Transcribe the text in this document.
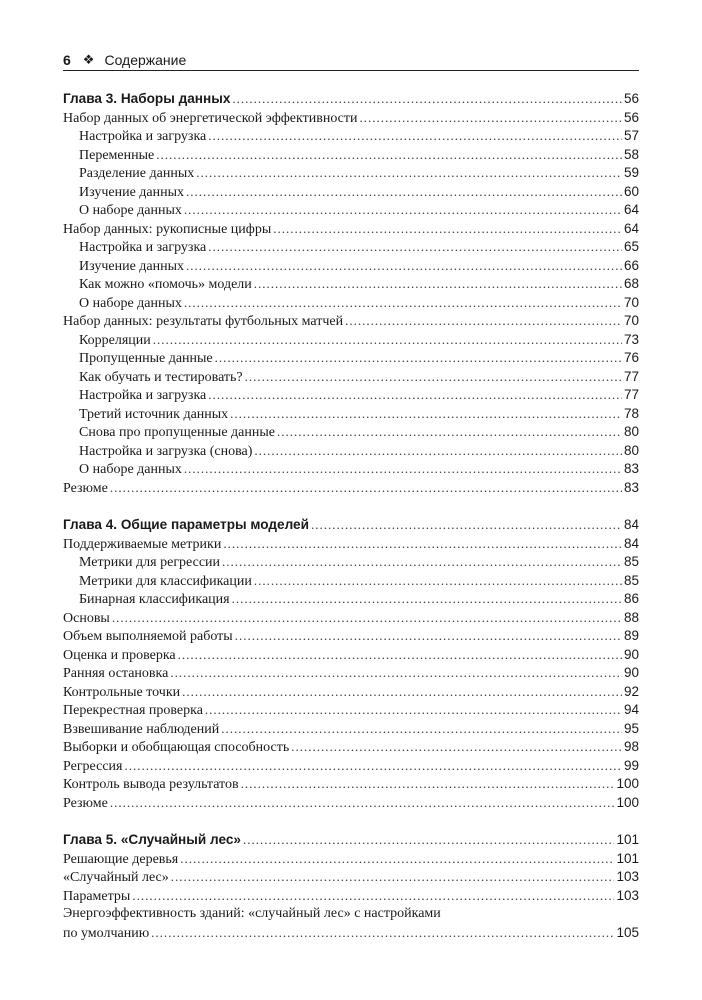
6 ❖ Содержание
Глава 3. Наборы данных .....	56
Набор данных об энергетической эффективности .....	56
Настройка и загрузка .....	57
Переменные .....	58
Разделение данных .....	59
Изучение данных .....	60
О наборе данных .....	64
Набор данных: рукописные цифры .....	64
Настройка и загрузка .....	65
Изучение данных .....	66
Как можно «помочь» модели .....	68
О наборе данных .....	70
Набор данных: результаты футбольных матчей .....	70
Корреляции .....	73
Пропущенные данные .....	76
Как обучать и тестировать? .....	77
Настройка и загрузка .....	77
Третий источник данных .....	78
Снова про пропущенные данные .....	80
Настройка и загрузка (снова) .....	80
О наборе данных .....	83
Резюме .....	83
Глава 4. Общие параметры моделей .....	84
Поддерживаемые метрики .....	84
Метрики для регрессии .....	85
Метрики для классификации .....	85
Бинарная классификация .....	86
Основы .....	88
Объем выполняемой работы .....	89
Оценка и проверка .....	90
Ранняя остановка .....	90
Контрольные точки .....	92
Перекрестная проверка .....	94
Взвешивание наблюдений .....	95
Выборки и обобщающая способность .....	98
Регрессия .....	99
Контроль вывода результатов .....	100
Резюме .....	100
Глава 5. «Случайный лес» .....	101
Решающие деревья .....	101
«Случайный лес» .....	103
Параметры .....	103
Энергоэффективность зданий: «случайный лес» с настройками
по умолчанию .....	105
